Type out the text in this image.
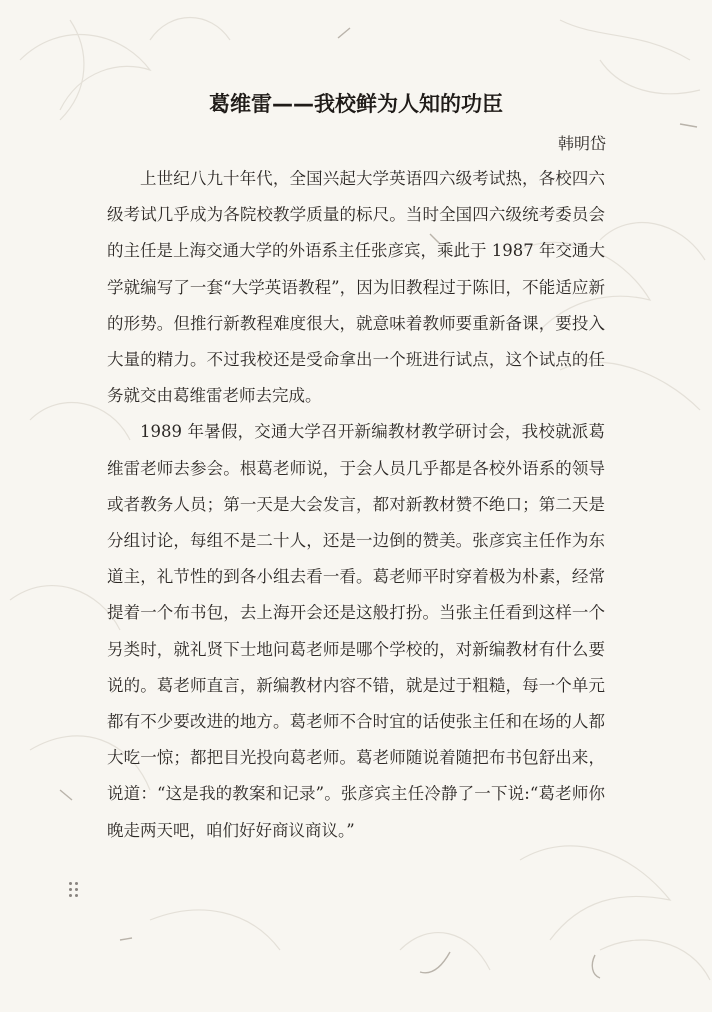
葛维雷——我校鲜为人知的功臣
韩明岱

上世纪八九十年代，全国兴起大学英语四六级考试热，各校四六级考试几乎成为各院校教学质量的标尺。当时全国四六级统考委员会的主任是上海交通大学的外语系主任张彦宾，乘此于 1987 年交通大学就编写了一套“大学英语教程”，因为旧教程过于陈旧，不能适应新的形势。但推行新教程难度很大，就意味着教师要重新备课，要投入大量的精力。不过我校还是受命拿出一个班进行试点，这个试点的任务就交由葛维雷老师去完成。

1989 年暑假，交通大学召开新编教材教学研讨会，我校就派葛维雷老师去参会。根葛老师说，于会人员几乎都是各校外语系的领导或者教务人员；第一天是大会发言，都对新教材赞不绝口；第二天是分组讨论，每组不是二十人，还是一边倒的赞美。张彦宾主任作为东道主，礼节性的到各小组去看一看。葛老师平时穿着极为朴素，经常提着一个布书包，去上海开会还是这般打扮。当张主任看到这样一个另类时，就礼贤下士地问葛老师是哪个学校的，对新编教材有什么要说的。葛老师直言，新编教材内容不错，就是过于粗糙，每一个单元都有不少要改进的地方。葛老师不合时宜的话使张主任和在场的人都大吃一惊；都把目光投向葛老师。葛老师随说着随把布书包舒出来，说道：“这是我的教案和记录”。张彦宾主任冷静了一下说:“葛老师你晚走两天吧，咱们好好商议商议。”
